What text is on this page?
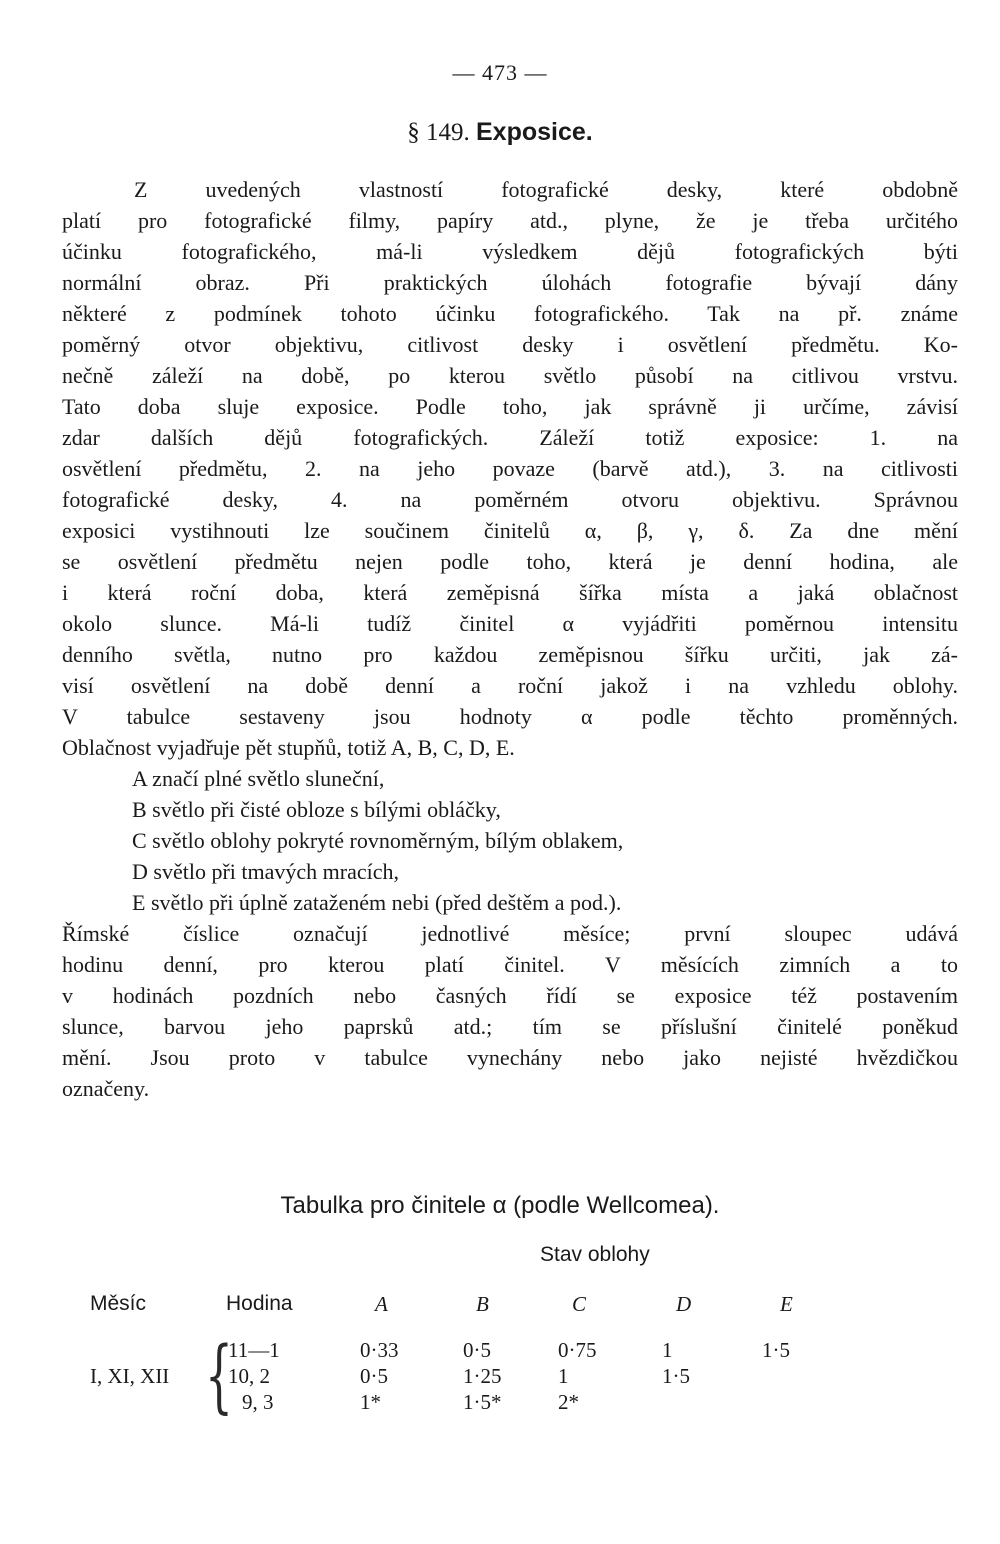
— 473 —
§ 149. Exposice.
Z uvedených vlastností fotografické desky, které obdobně
platí pro fotografické filmy, papíry atd., plyne, že je třeba určitého
účinku fotografického, má-li výsledkem dějů fotografických býti
normální obraz. Při praktických úlohách fotografie bývají dány
některé z podmínek tohoto účinku fotografického. Tak na př. známe
poměrný otvor objektivu, citlivost desky i osvětlení předmětu. Ko-
nečně záleží na době, po kterou světlo působí na citlivou vrstvu.
Tato doba sluje exposice. Podle toho, jak správně ji určíme, závisí
zdar dalších dějů fotografických. Záleží totiž exposice: 1. na
osvětlení předmětu, 2. na jeho povaze (barvě atd.), 3. na citlivosti
fotografické desky, 4. na poměrném otvoru objektivu. Správnou
exposici vystihnouti lze součinem činitelů α, β, γ, δ. Za dne mění
se osvětlení předmětu nejen podle toho, která je denní hodina, ale
i která roční doba, která zeměpisná šířka místa a jaká oblačnost
okolo slunce. Má-li tudíž činitel α vyjádřiti poměrnou intensitu
denního světla, nutno pro každou zeměpisnou šířku určiti, jak zá-
visí osvětlení na době denní a roční jakož i na vzhledu oblohy.
V tabulce sestaveny jsou hodnoty α podle těchto proměnných.
Oblačnost vyjadřuje pět stupňů, totiž A, B, C, D, E.
A značí plné světlo sluneční,
B světlo při čisté obloze s bílými obláčky,
C světlo oblohy pokryté rovnoměrným, bílým oblakem,
D světlo při tmavých mracích,
E světlo při úplně zataženém nebi (před deštěm a pod.).
Římské číslice označují jednotlivé měsíce; první sloupec udává
hodinu denní, pro kterou platí činitel. V měsících zimních a to
v hodinách pozdních nebo časných řídí se exposice též postavením
slunce, barvou jeho paprsků atd.; tím se příslušní činitelé poněkud
mění. Jsou proto v tabulce vynechány nebo jako nejisté hvězdičkou
označeny.
Tabulka pro činitele α (podle Wellcomea).
Stav oblohy
Měsíc	Hodina	A	B	C	D	E
I, XI, XII {
11—1	0·33	0·5	0·75	1	1·5
10, 2	0·5	1·25	1	1·5
9, 3	1*	1·5*	2*
